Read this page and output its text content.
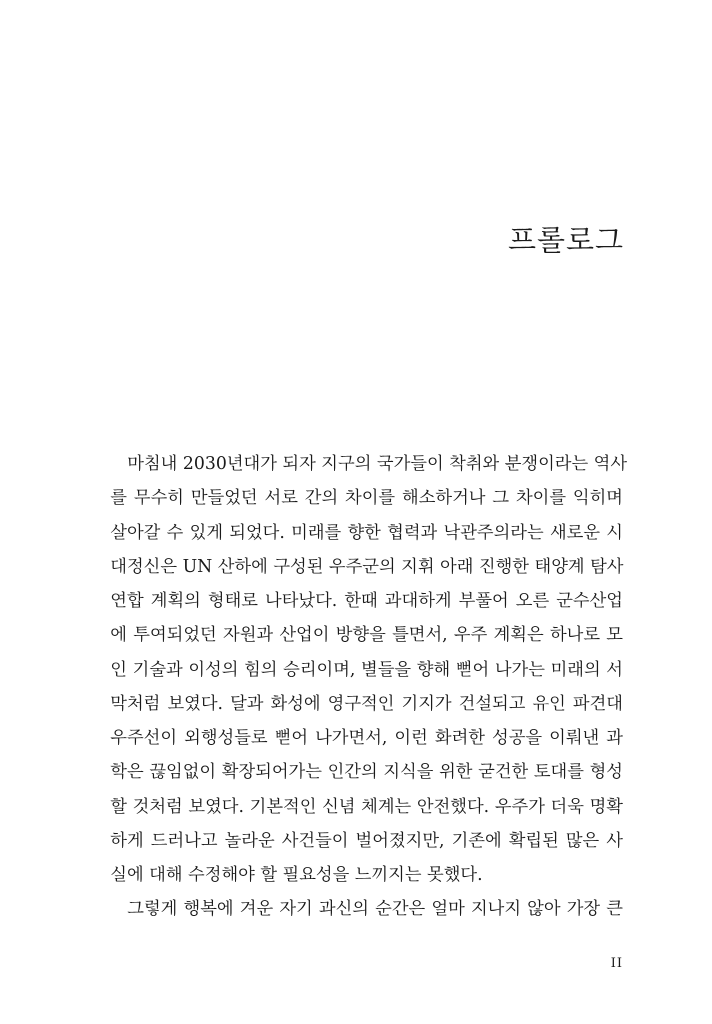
프롤로그

마침내 2030년대가 되자 지구의 국가들이 착취와 분쟁이라는 역사
를 무수히 만들었던 서로 간의 차이를 해소하거나 그 차이를 익히며
살아갈 수 있게 되었다. 미래를 향한 협력과 낙관주의라는 새로운 시
대정신은 UN 산하에 구성된 우주군의 지휘 아래 진행한 태양계 탐사
연합 계획의 형태로 나타났다. 한때 과대하게 부풀어 오른 군수산업
에 투여되었던 자원과 산업이 방향을 틀면서, 우주 계획은 하나로 모
인 기술과 이성의 힘의 승리이며, 별들을 향해 뻗어 나가는 미래의 서
막처럼 보였다. 달과 화성에 영구적인 기지가 건설되고 유인 파견대
우주선이 외행성들로 뻗어 나가면서, 이런 화려한 성공을 이뤄낸 과
학은 끊임없이 확장되어가는 인간의 지식을 위한 굳건한 토대를 형성
할 것처럼 보였다. 기본적인 신념 체계는 안전했다. 우주가 더욱 명확
하게 드러나고 놀라운 사건들이 벌어졌지만, 기존에 확립된 많은 사
실에 대해 수정해야 할 필요성을 느끼지는 못했다.

그렇게 행복에 겨운 자기 과신의 순간은 얼마 지나지 않아 가장 큰

II
